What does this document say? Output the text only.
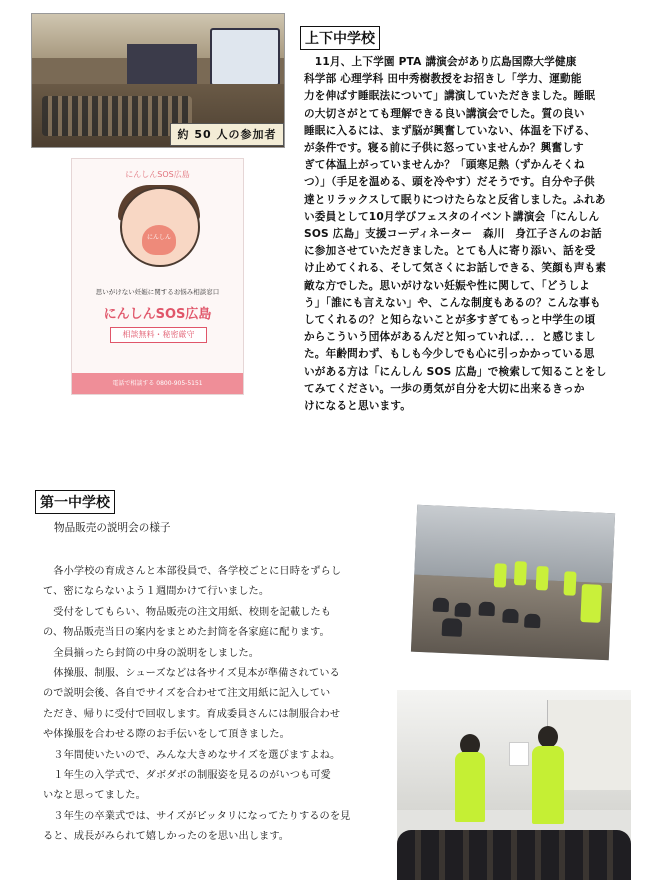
約 50 人の参加者
にんしんSOS広島
にんしん
思いがけない妊娠に関するお悩み相談窓口
にんしんSOS広島
相談無料・秘密厳守
電話で相談する 0800-905-5151
上下中学校
　11月、上下学園 PTA 講演会があり広島国際大学健康
科学部 心理学科 田中秀樹教授をお招きし「学力、運動能
力を伸ばす睡眠法について」講演していただきました。睡眠
の大切さがとても理解できる良い講演会でした。質の良い
睡眠に入るには、まず脳が興奮していない、体温を下げる、
が条件です。寝る前に子供に怒っていませんか？興奮しす
ぎて体温上がっていませんか？「頭寒足熱（ずかんそくね
つ）」（手足を温める、頭を冷やす）だそうです。自分や子供
達とリラックスして眠りにつけたらなと反省しました。ふれあ
い委員として10月学びフェスタのイベント講演会「にんしん
SOS 広島」支援コーディネーター　森川　身江子さんのお話
に参加させていただきました。とても人に寄り添い、話を受
け止めてくれる、そして気さくにお話しできる、笑顔も声も素
敵な方でした。思いがけない妊娠や性に関して、「どうしよ
う」「誰にも言えない」や、こんな制度もあるの？こんな事も
してくれるの？と知らないことが多すぎてもっと中学生の頃
からこういう団体があるんだと知っていれば．．．と感じまし
た。年齢問わず、もしも今少しでも心に引っかかっている思
いがある方は「にんしん SOS 広島」で検索して知ることをし
てみてください。一歩の勇気が自分を大切に出来るきっか
けになると思います。
第一中学校
物品販売の説明会の様子

　各小学校の育成さんと本部役員で、各学校ごとに日時をずらし

て、密にならないよう１週間かけて行いました。

　受付をしてもらい、物品販売の注文用紙、校則を記載したも

の、物品販売当日の案内をまとめた封筒を各家庭に配ります。

　全員揃ったら封筒の中身の説明をしました。

　体操服、制服、シューズなどは各サイズ見本が準備されている

ので説明会後、各自でサイズを合わせて注文用紙に記入してい

ただき、帰りに受付で回収します。育成委員さんには制服合わせ

や体操服を合わせる際のお手伝いをして頂きました。

　３年間使いたいので、みんな大きめなサイズを選びますよね。

　１年生の入学式で、ダボダボの制服姿を見るのがいつも可愛

いなと思ってました。

　３年生の卒業式では、サイズがピッタリになってたりするのを見

ると、成長がみられて嬉しかったのを思い出します。
